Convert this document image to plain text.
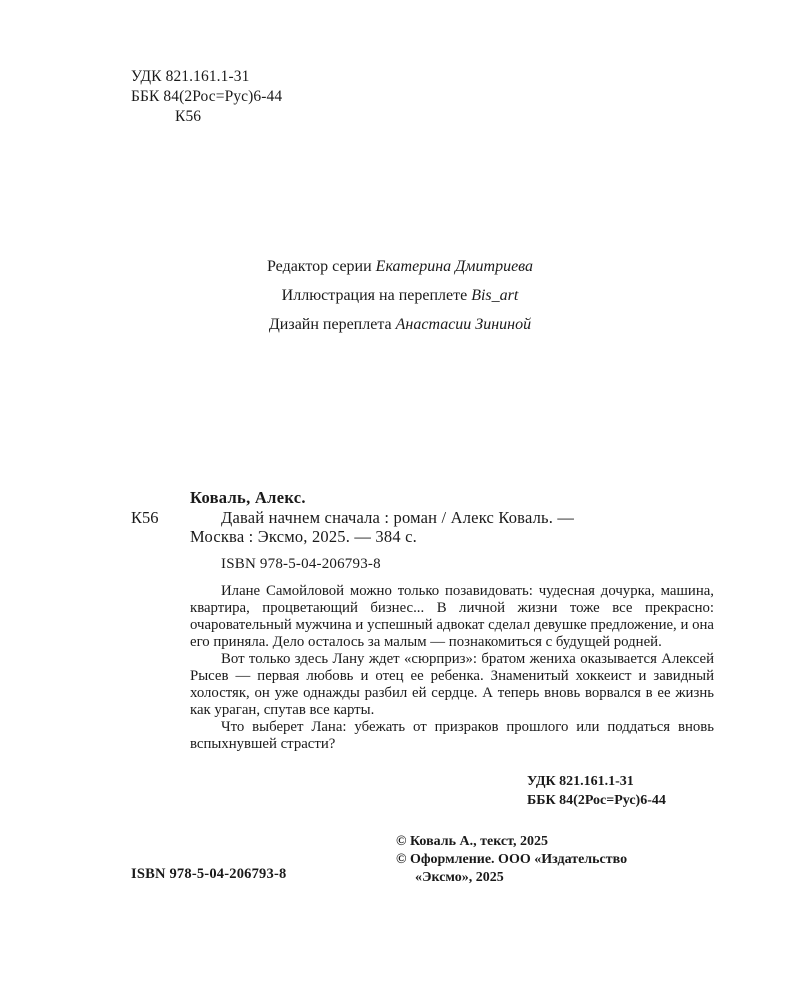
УДК 821.161.1-31
ББК 84(2Рос=Рус)6-44
К56
Редактор серии Екатерина Дмитриева
Иллюстрация на переплете Bis_art
Дизайн переплета Анастасии Зининой
Коваль, Алекс.
К56	Давай начнем сначала : роман / Алекс Коваль. —
Москва : Эксмо, 2025. — 384 с.
ISBN 978-5-04-206793-8

Илане Самойловой можно только позавидовать: чудесная дочурка, машина, квартира, процветающий бизнес... В личной жизни тоже все прекрасно: очаровательный мужчина и успешный адвокат сделал девушке предложение, и она его приняла. Дело осталось за малым — познакомиться с будущей родней.

Вот только здесь Лану ждет «сюрприз»: братом жениха оказывается Алексей Рысев — первая любовь и отец ее ребенка. Знаменитый хоккеист и завидный холостяк, он уже однажды разбил ей сердце. А теперь вновь ворвался в ее жизнь как ураган, спутав все карты.

Что выберет Лана: убежать от призраков прошлого или поддаться вновь вспыхнувшей страсти?

УДК 821.161.1-31
ББК 84(2Рос=Рус)6-44
© Коваль А., текст, 2025
© Оформление. ООО «Издательство
«Эксмо», 2025
ISBN 978-5-04-206793-8
